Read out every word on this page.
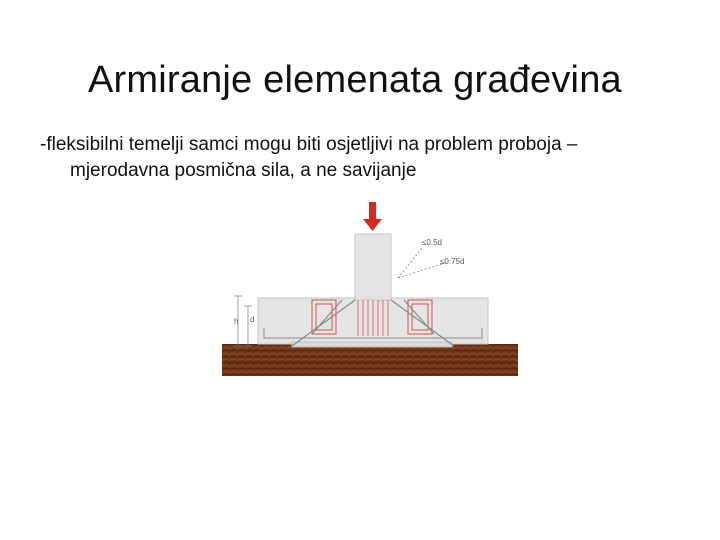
Armiranje elemenata građevina
-fleksibilni temelji samci mogu biti osjetljivi na problem proboja –
mjerodavna posmična sila, a ne savijanje
h d
≤0.5d
≤0.75d
